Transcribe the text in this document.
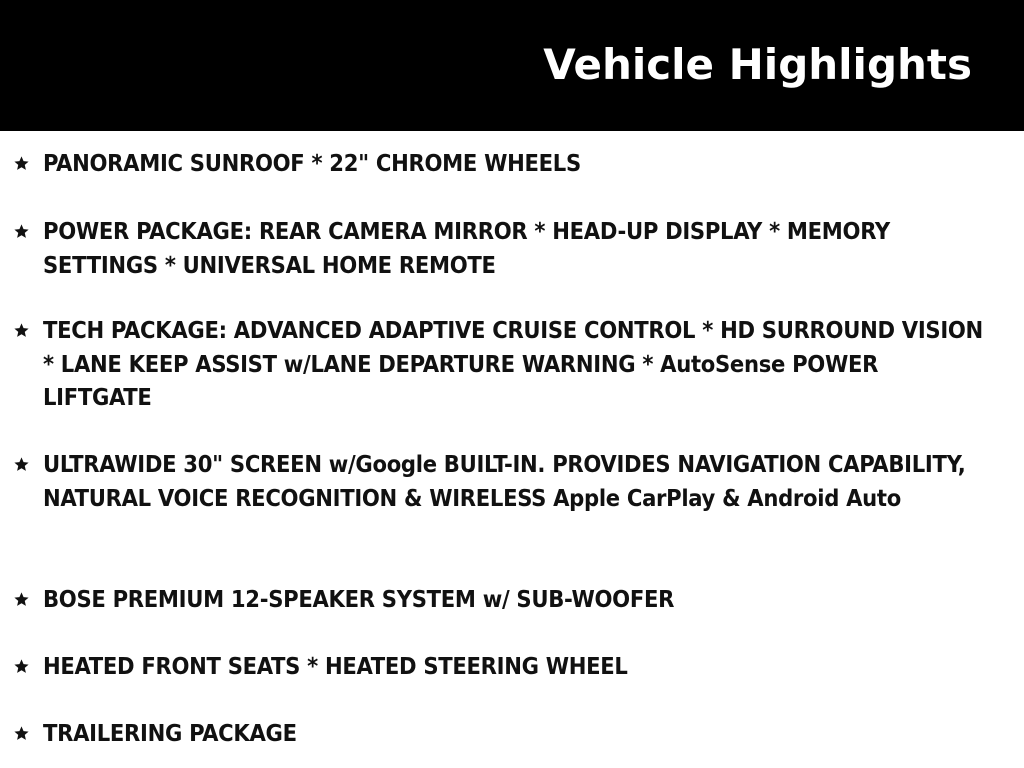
Vehicle Highlights
PANORAMIC SUNROOF * 22" CHROME WHEELS
POWER PACKAGE: REAR CAMERA MIRROR * HEAD-UP DISPLAY * MEMORY SETTINGS * UNIVERSAL HOME REMOTE
TECH PACKAGE: ADVANCED ADAPTIVE CRUISE CONTROL * HD SURROUND VISION * LANE KEEP ASSIST w/LANE DEPARTURE WARNING * AutoSense POWER LIFTGATE
ULTRAWIDE 30" SCREEN w/Google BUILT-IN. PROVIDES NAVIGATION CAPABILITY, NATURAL VOICE RECOGNITION & WIRELESS Apple CarPlay & Android Auto
BOSE PREMIUM 12-SPEAKER SYSTEM w/ SUB-WOOFER
HEATED FRONT SEATS * HEATED STEERING WHEEL
TRAILERING PACKAGE
